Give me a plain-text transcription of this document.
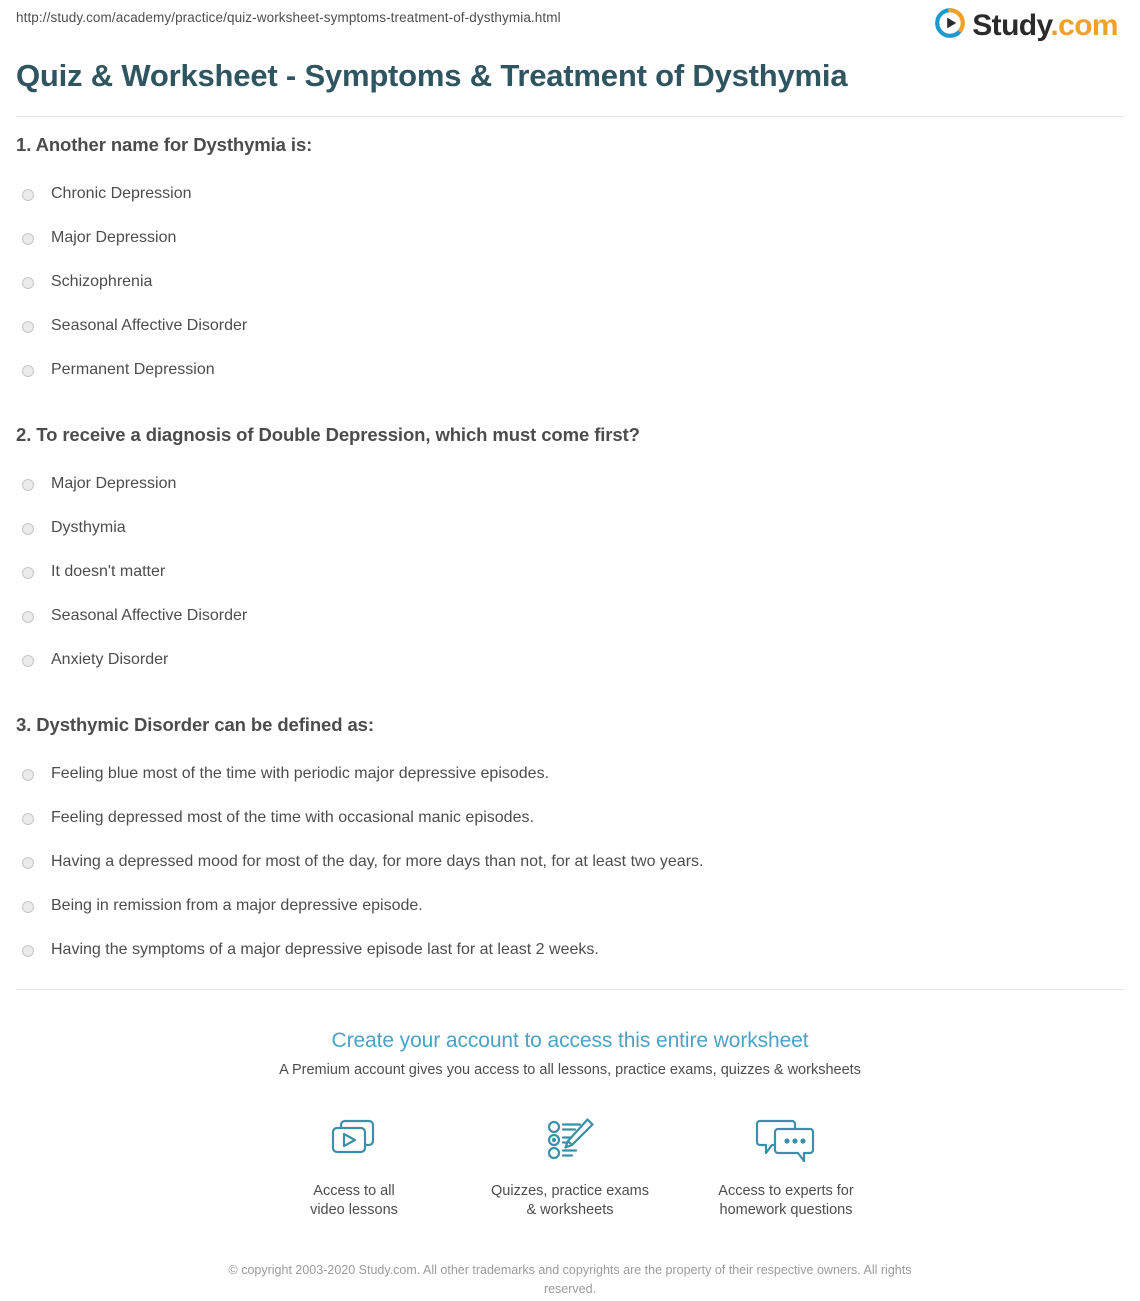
http://study.com/academy/practice/quiz-worksheet-symptoms-treatment-of-dysthymia.html	Study.com
Quiz & Worksheet - Symptoms & Treatment of Dysthymia

1. Another name for Dysthymia is:

Chronic Depression
Major Depression
Schizophrenia
Seasonal Affective Disorder
Permanent Depression

2. To receive a diagnosis of Double Depression, which must come first?

Major Depression
Dysthymia
It doesn't matter
Seasonal Affective Disorder
Anxiety Disorder

3. Dysthymic Disorder can be defined as:

Feeling blue most of the time with periodic major depressive episodes.
Feeling depressed most of the time with occasional manic episodes.
Having a depressed mood for most of the day, for more days than not, for at least two years.
Being in remission from a major depressive episode.
Having the symptoms of a major depressive episode last for at least 2 weeks.
Create your account to access this entire worksheet
A Premium account gives you access to all lessons, practice exams, quizzes & worksheets
Access to all
video lessons
Quizzes, practice exams
& worksheets
Access to experts for
homework questions
© copyright 2003-2020 Study.com. All other trademarks and copyrights are the property of their respective owners. All rights reserved.
